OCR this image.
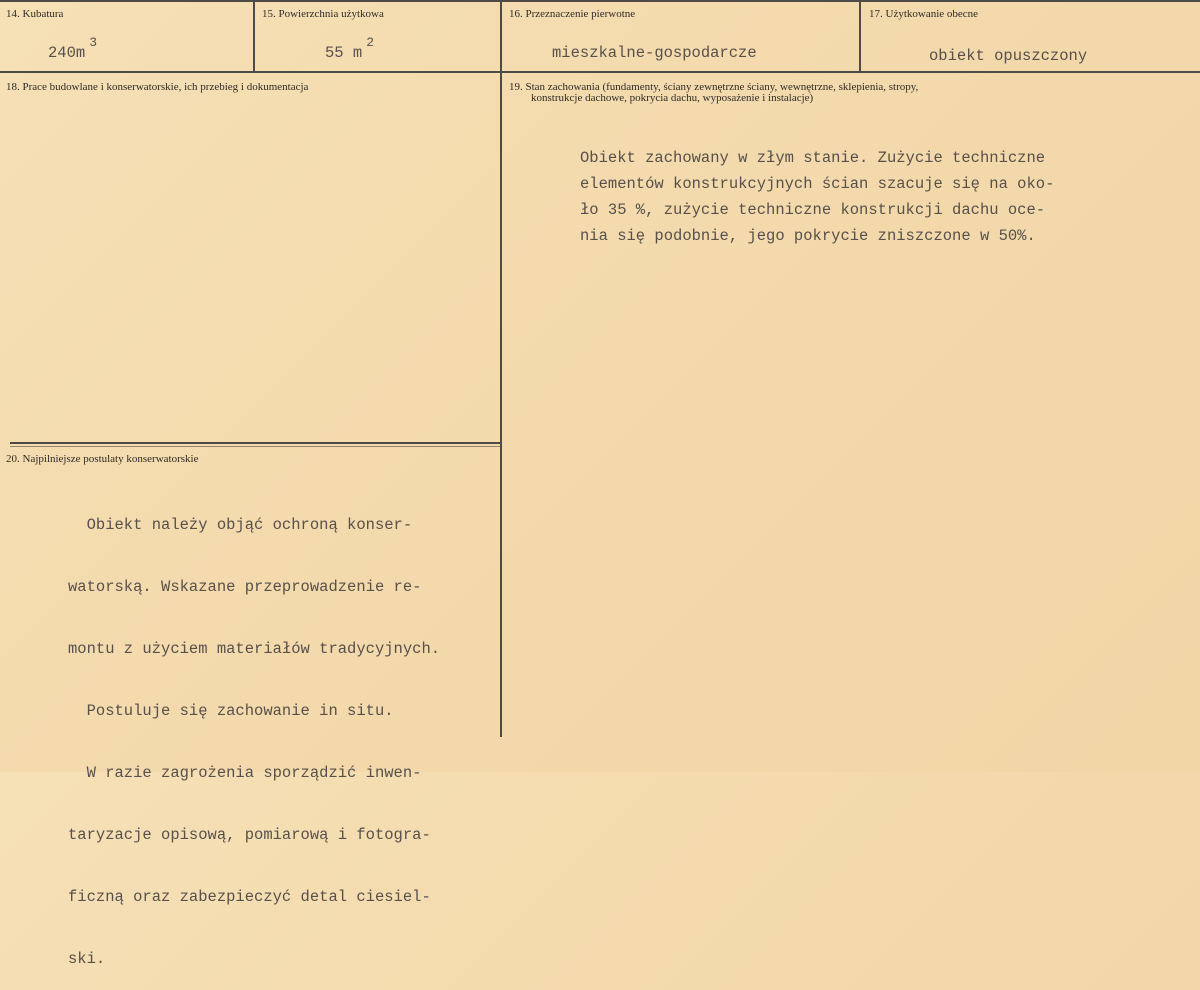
14. Kubatura
$240m^3$
15. Powierzchnia użytkowa
55 $m^2$
16. Przeznaczenie pierwotne
mieszkalne-gospodarcze
17. Użytkowanie obecne
obiekt opuszczony
18. Prace budowlane i konserwatorskie, ich przebieg i dokumentacja	19. Stan zachowania (fundamenty, ściany zewnętrzne ściany, wewnętrzne, sklepienia, stropy,
konstrukcje dachowe, pokrycia dachu, wyposażenie i instalacje)
Obiekt zachowany w złym stanie. Zużycie techniczne
elementów konstrukcyjnych ścian szacuje się na oko-
ło 35 %, zużycie techniczne konstrukcji dachu oce-
nia się podobnie, jego pokrycie zniszczone w 50%.
20. Najpilniejsze postulaty konserwatorskie

Obiekt należy objąć ochroną konser-

watorską. Wskazane przeprowadzenie re-

montu z użyciem materiałów tradycyjnych.

Postuluje się zachowanie in situ.

W razie zagrożenia sporządzić inwen-

taryzacje opisową, pomiarową i fotogra-

ficzną oraz zabezpieczyć detal ciesiel-

ski.
